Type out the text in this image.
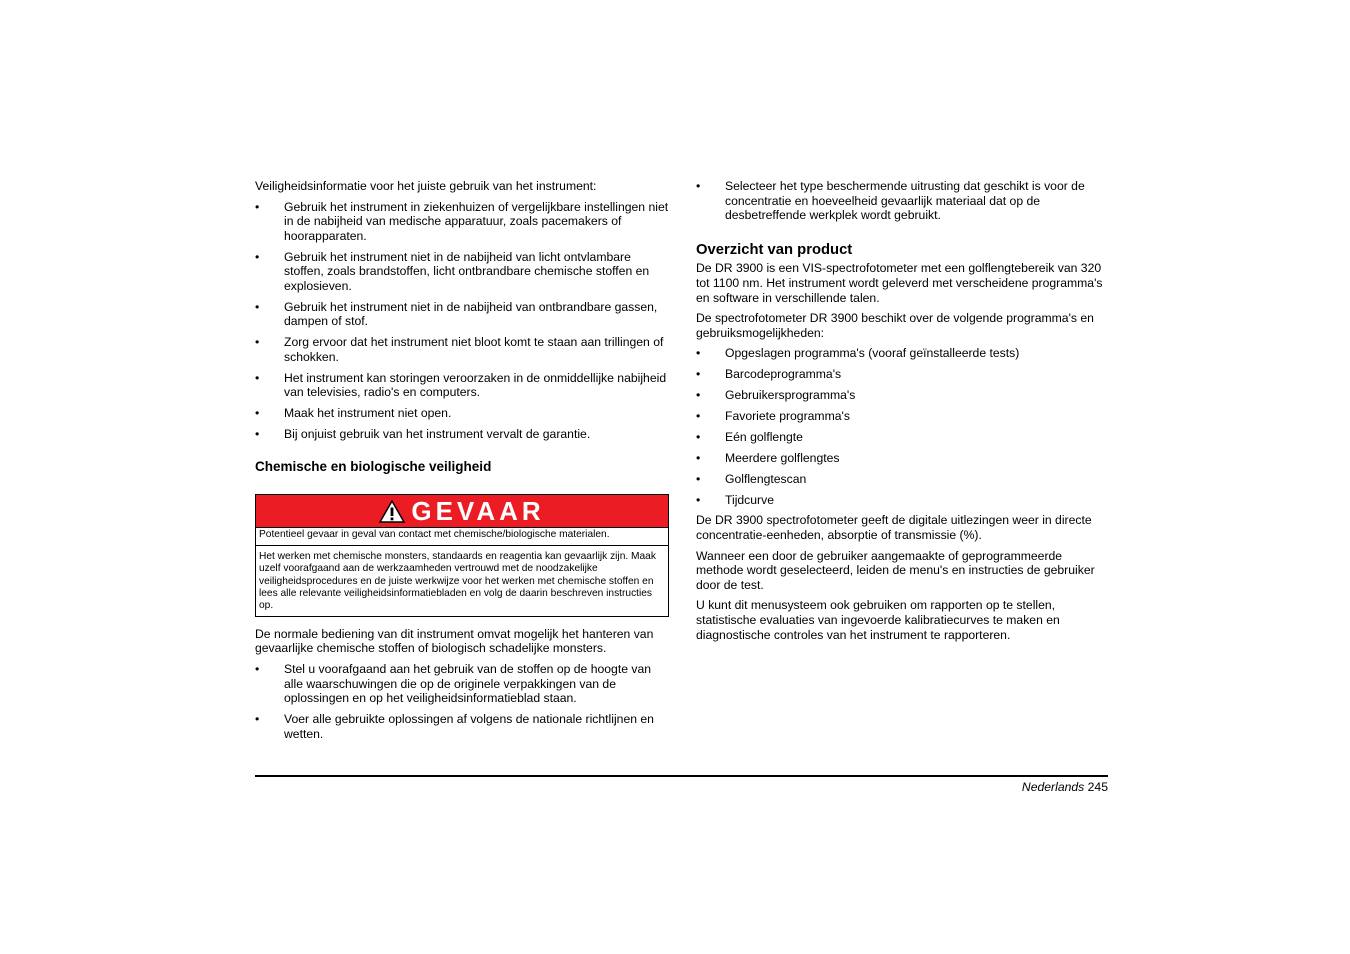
Veiligheidsinformatie voor het juiste gebruik van het instrument:

• Gebruik het instrument in ziekenhuizen of vergelijkbare instellingen niet in de nabijheid van medische apparatuur, zoals pacemakers of hoorapparaten.
• Gebruik het instrument niet in de nabijheid van licht ontvlambare stoffen, zoals brandstoffen, licht ontbrandbare chemische stoffen en explosieven.
• Gebruik het instrument niet in de nabijheid van ontbrandbare gassen, dampen of stof.
• Zorg ervoor dat het instrument niet bloot komt te staan aan trillingen of schokken.
• Het instrument kan storingen veroorzaken in de onmiddellijke nabijheid van televisies, radio's en computers.
• Maak het instrument niet open.
• Bij onjuist gebruik van het instrument vervalt de garantie.
Chemische en biologische veiligheid
GEVAAR
Potentieel gevaar in geval van contact met chemische/biologische materialen.
Het werken met chemische monsters, standaards en reagentia kan gevaarlijk zijn. Maak uzelf voorafgaand aan de werkzaamheden vertrouwd met de noodzakelijke veiligheidsprocedures en de juiste werkwijze voor het werken met chemische stoffen en lees alle relevante veiligheidsinformatiebladen en volg de daarin beschreven instructies op.

De normale bediening van dit instrument omvat mogelijk het hanteren van gevaarlijke chemische stoffen of biologisch schadelijke monsters.

• Stel u voorafgaand aan het gebruik van de stoffen op de hoogte van alle waarschuwingen die op de originele verpakkingen van de oplossingen en op het veiligheidsinformatieblad staan.
• Voer alle gebruikte oplossingen af volgens de nationale richtlijnen en wetten.
• Selecteer het type beschermende uitrusting dat geschikt is voor de concentratie en hoeveelheid gevaarlijk materiaal dat op de desbetreffende werkplek wordt gebruikt.
Overzicht van product

De DR 3900 is een VIS-spectrofotometer met een golflengtebereik van 320 tot 1100 nm. Het instrument wordt geleverd met verscheidene programma's en software in verschillende talen.

De spectrofotometer DR 3900 beschikt over de volgende programma's en gebruiksmogelijkheden:

• Opgeslagen programma's (vooraf geïnstalleerde tests)
• Barcodeprogramma's
• Gebruikersprogramma's
• Favoriete programma's
• Eén golflengte
• Meerdere golflengtes
• Golflengtescan
• Tijdcurve

De DR 3900 spectrofotometer geeft de digitale uitlezingen weer in directe concentratie-eenheden, absorptie of transmissie (%).

Wanneer een door de gebruiker aangemaakte of geprogrammeerde methode wordt geselecteerd, leiden de menu's en instructies de gebruiker door de test.

U kunt dit menusysteem ook gebruiken om rapporten op te stellen, statistische evaluaties van ingevoerde kalibratiecurves te maken en diagnostische controles van het instrument te rapporteren.

Nederlands 245
